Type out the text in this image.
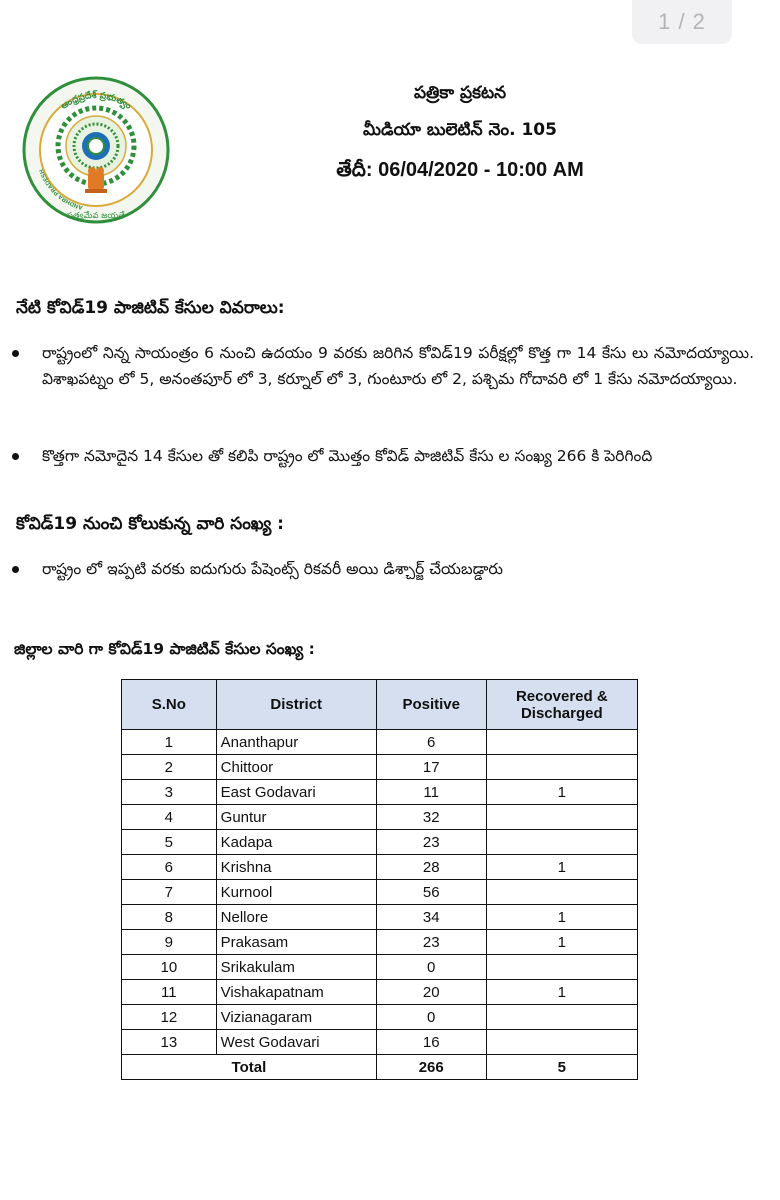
1 / 2
ఆంధ్రప్రదేశ్ ప్రభుత్వం
ANDHRA PRADESH
సత్యమేవ జయతే
పత్రికా ప్రకటన
మీడియా బులెటిన్ నెం. 105
తేదీ: 06/04/2020 - 10:00 AM
నేటి కోవిడ్19 పాజిటివ్ కేసుల వివరాలు:
రాష్ట్రంలో నిన్న సాయంత్రం 6 నుంచి ఉదయం 9 వరకు జరిగిన కోవిడ్19 పరీక్షల్లో కొత్త గా 14 కేసు లు నమోదయ్యాయి. విశాఖపట్నం లో 5, అనంతపూర్ లో 3, కర్నూల్ లో 3, గుంటూరు లో 2, పశ్చిమ గోదావరి లో 1 కేసు నమోదయ్యాయి.
కొత్తగా నమోదైన 14 కేసుల తో కలిపి రాష్ట్రం లో మొత్తం కోవిడ్ పాజిటివ్ కేసు ల సంఖ్య 266 కి పెరిగింది
కోవిడ్19 నుంచి కోలుకున్న వారి సంఖ్య :
రాష్ట్రం లో ఇప్పటి వరకు ఐదుగురు పేషెంట్స్ రికవరీ అయి డిశ్చార్జ్ చేయబడ్డారు
జిల్లాల వారి గా కోవిడ్19 పాజిటివ్ కేసుల సంఖ్య :
S.No	District	Positive	Recovered & Discharged
1	Ananthapur	6	
2	Chittoor	17	
3	East Godavari	11	1
4	Guntur	32	
5	Kadapa	23	
6	Krishna	28	1
7	Kurnool	56	
8	Nellore	34	1
9	Prakasam	23	1
10	Srikakulam	0	
11	Vishakapatnam	20	1
12	Vizianagaram	0	
13	West Godavari	16	
Total		266	5
